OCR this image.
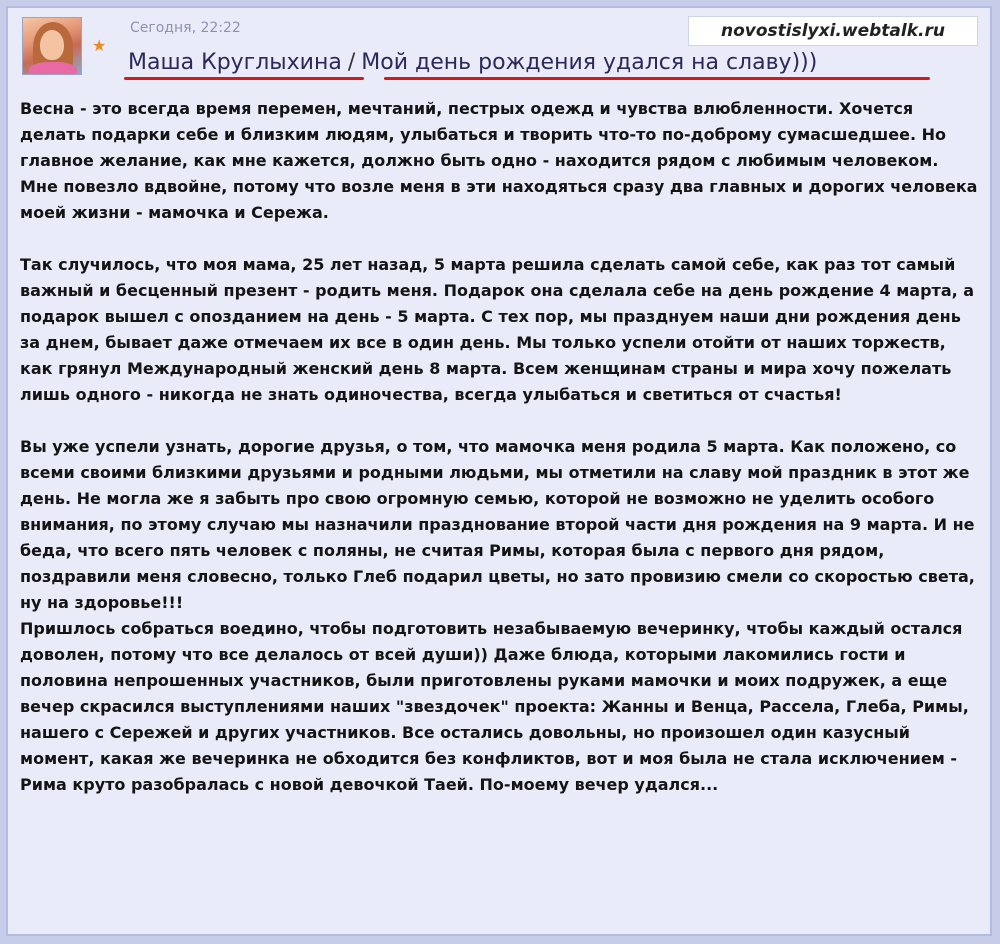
★
Сегодня, 22:22	novostislyxi.webtalk.ru
Маша Круглыхина / Мой день рождения удался на славу)))

Весна - это всегда время перемен, мечтаний, пестрых одежд и чувства влюбленности. Хочется делать подарки себе и близким людям, улыбаться и творить что-то по-доброму сумасшедшее. Но главное желание, как мне кажется, должно быть одно - находится рядом с любимым человеком. Мне повезло вдвойне, потому что возле меня в эти находяться сразу два главных и дорогих человека моей жизни - мамочка и Сережа.

Так случилось, что моя мама, 25 лет назад, 5 марта решила сделать самой себе, как раз тот самый важный и бесценный презент - родить меня. Подарок она сделала себе на день рождение 4 марта, а подарок вышел с опозданием на день - 5 марта. С тех пор, мы празднуем наши дни рождения день за днем, бывает даже отмечаем их все в один день. Мы только успели отойти от наших торжеств, как грянул Международный женский день 8 марта. Всем женщинам страны и мира хочу пожелать лишь одного - никогда не знать одиночества, всегда улыбаться и светиться от счастья!

Вы уже успели узнать, дорогие друзья, о том, что мамочка меня родила 5 марта. Как положено, со всеми своими близкими друзьями и родными людьми, мы отметили на славу мой праздник в этот же день. Не могла же я забыть про свою огромную семью, которой не возможно не уделить особого внимания, по этому случаю мы назначили празднование второй части дня рождения на 9 марта. И не беда, что всего пять человек с поляны, не считая Римы, которая была с первого дня рядом, поздравили меня словесно, только Глеб подарил цветы, но зато провизию смели со скоростью света, ну на здоровье!!!

Пришлось собраться воедино, чтобы подготовить незабываемую вечеринку, чтобы каждый остался доволен, потому что все делалось от всей души)) Даже блюда, которыми лакомились гости и половина непрошенных участников, были приготовлены руками мамочки и моих подружек, а еще вечер скрасился выступлениями наших "звездочек" проекта: Жанны и Венца, Рассела, Глеба, Римы, нашего с Сережей и других участников. Все остались довольны, но произошел один казусный момент, какая же вечеринка не обходится без конфликтов, вот и моя была не стала исключением - Рима круто разобралась с новой девочкой Таей. По-моему вечер удался...
